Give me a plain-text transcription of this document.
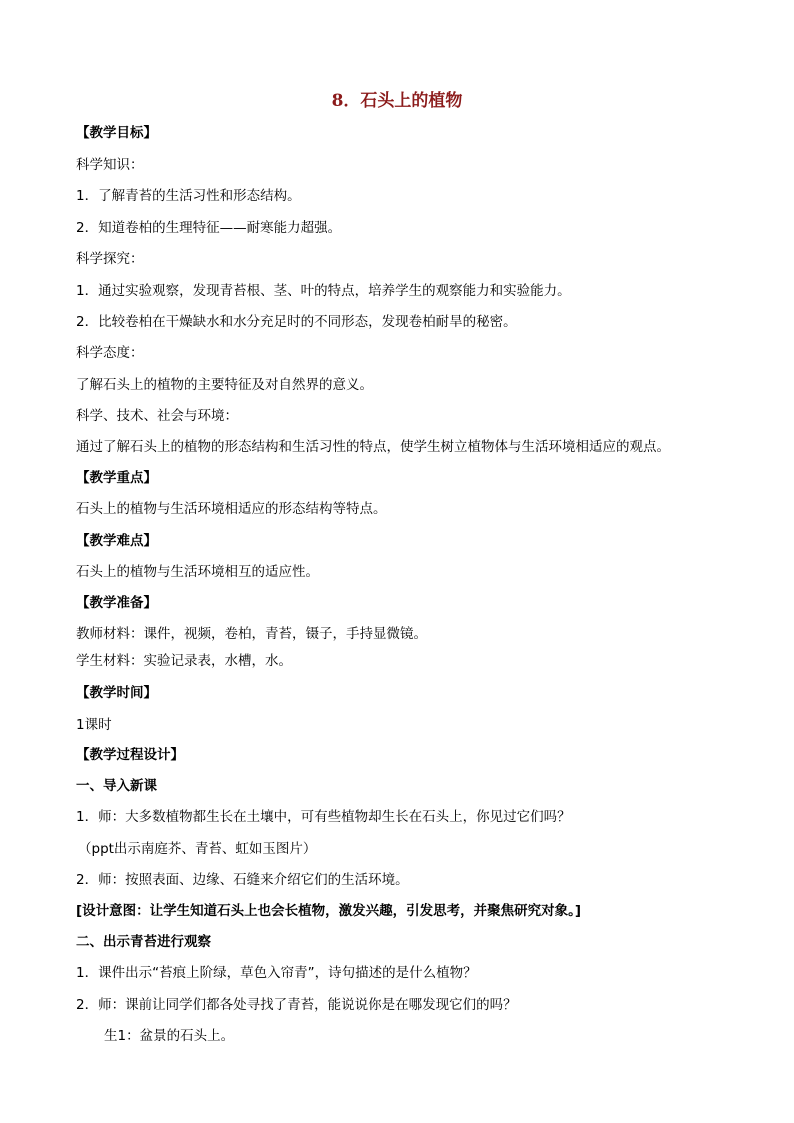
8．石头上的植物
【教学目标】
科学知识：
1．了解青苔的生活习性和形态结构。
2．知道卷柏的生理特征——耐寒能力超强。
科学探究：
1．通过实验观察，发现青苔根、茎、叶的特点，培养学生的观察能力和实验能力。
2．比较卷柏在干燥缺水和水分充足时的不同形态，发现卷柏耐旱的秘密。
科学态度：
了解石头上的植物的主要特征及对自然界的意义。
科学、技术、社会与环境：
通过了解石头上的植物的形态结构和生活习性的特点，使学生树立植物体与生活环境相适应的观点。
【教学重点】
石头上的植物与生活环境相适应的形态结构等特点。
【教学难点】
石头上的植物与生活环境相互的适应性。
【教学准备】
教师材料：课件，视频，卷柏，青苔，镊子，手持显微镜。
学生材料：实验记录表，水槽，水。
【教学时间】
1课时
【教学过程设计】
一、导入新课
1．师：大多数植物都生长在土壤中，可有些植物却生长在石头上，你见过它们吗？
（ppt出示南庭芥、青苔、虹如玉图片）
2．师：按照表面、边缘、石缝来介绍它们的生活环境。
[设计意图：让学生知道石头上也会长植物，激发兴趣，引发思考，并聚焦研究对象。]
二、出示青苔进行观察
1．课件出示“苔痕上阶绿，草色入帘青”，诗句描述的是什么植物？
2．师：课前让同学们都各处寻找了青苔，能说说你是在哪发现它们的吗？
生1：盆景的石头上。
